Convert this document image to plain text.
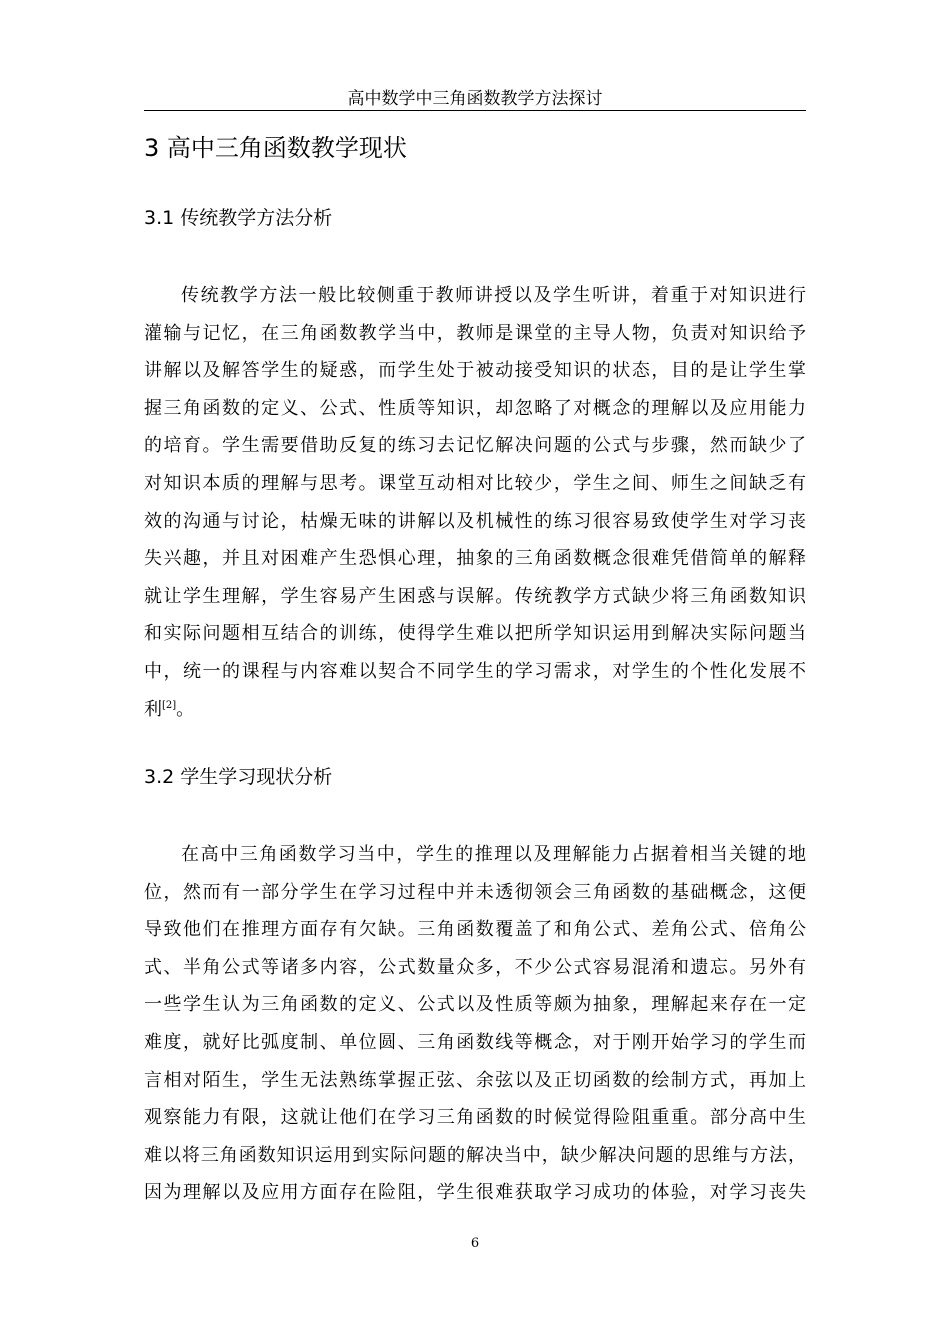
高中数学中三角函数教学方法探讨
3 高中三角函数教学现状
3.1 传统教学方法分析
传统教学方法一般比较侧重于教师讲授以及学生听讲，着重于对知识进行
灌输与记忆，在三角函数教学当中，教师是课堂的主导人物，负责对知识给予
讲解以及解答学生的疑惑，而学生处于被动接受知识的状态，目的是让学生掌
握三角函数的定义、公式、性质等知识，却忽略了对概念的理解以及应用能力
的培育。学生需要借助反复的练习去记忆解决问题的公式与步骤，然而缺少了
对知识本质的理解与思考。课堂互动相对比较少，学生之间、师生之间缺乏有
效的沟通与讨论，枯燥无味的讲解以及机械性的练习很容易致使学生对学习丧
失兴趣，并且对困难产生恐惧心理，抽象的三角函数概念很难凭借简单的解释
就让学生理解，学生容易产生困惑与误解。传统教学方式缺少将三角函数知识
和实际问题相互结合的训练，使得学生难以把所学知识运用到解决实际问题当
中，统一的课程与内容难以契合不同学生的学习需求，对学生的个性化发展不
利[2]。
3.2 学生学习现状分析
在高中三角函数学习当中，学生的推理以及理解能力占据着相当关键的地
位，然而有一部分学生在学习过程中并未透彻领会三角函数的基础概念，这便
导致他们在推理方面存有欠缺。三角函数覆盖了和角公式、差角公式、倍角公
式、半角公式等诸多内容，公式数量众多，不少公式容易混淆和遗忘。另外有
一些学生认为三角函数的定义、公式以及性质等颇为抽象，理解起来存在一定
难度，就好比弧度制、单位圆、三角函数线等概念，对于刚开始学习的学生而
言相对陌生，学生无法熟练掌握正弦、余弦以及正切函数的绘制方式，再加上
观察能力有限，这就让他们在学习三角函数的时候觉得险阻重重。部分高中生
难以将三角函数知识运用到实际问题的解决当中，缺少解决问题的思维与方法，
因为理解以及应用方面存在险阻，学生很难获取学习成功的体验，对学习丧失
6
